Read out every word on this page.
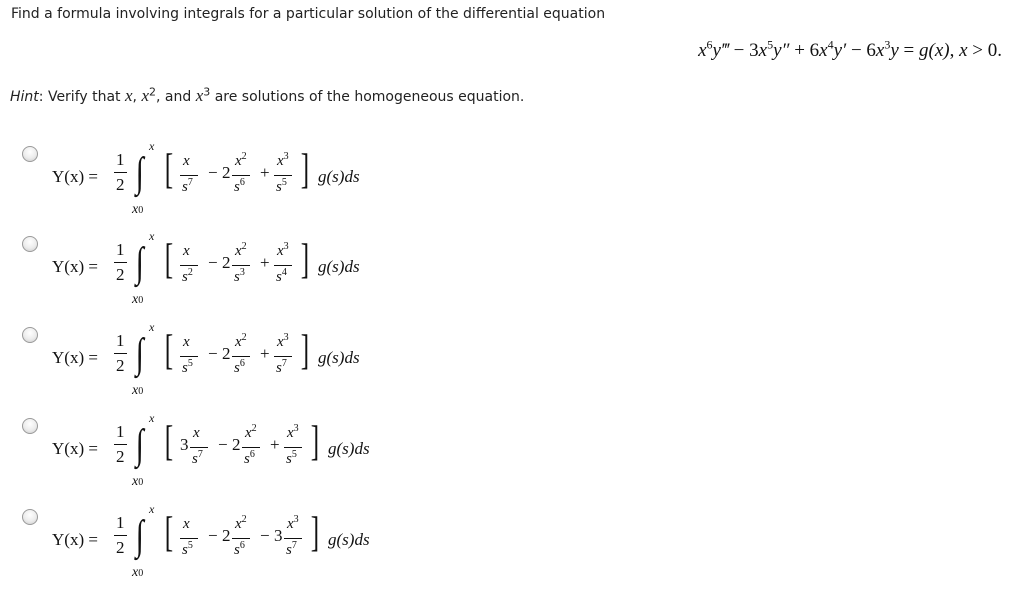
Find a formula involving integrals for a particular solution of the differential equation
$x^6y‴ - 3x^5y'' + 6x^4y' - 6x^3y = g(x)$, x > 0.
Hint: Verify that x, $x^2$, and $x^3$ are solutions of the homogeneous equation.
Y(x) =
1
2 ∫
x
x0
[ x
$s^7$
− 2
$x^2$
$s^6$
+
$x^3$
$s^5$ ] g(s)ds
Y(x) =
1
2 ∫
x
x0
[ x
$s^2$
− 2
$x^2$
$s^3$
+
$x^3$
$s^4$ ] g(s)ds
Y(x) =
1
2 ∫
x
x0
[ x
$s^5$
− 2
$x^2$
$s^6$
+
$x^3$
$s^7$ ] g(s)ds
Y(x) =
1
2 ∫
x
x0
[ 3
x
$s^7$
− 2
$x^2$
$s^6$
+
$x^3$
$s^5$ ] g(s)ds
Y(x) =
1
2 ∫
x
x0
[ x
$s^5$
− 2
$x^2$
$s^6$
− 3
$x^3$
$s^7$ ] g(s)ds
